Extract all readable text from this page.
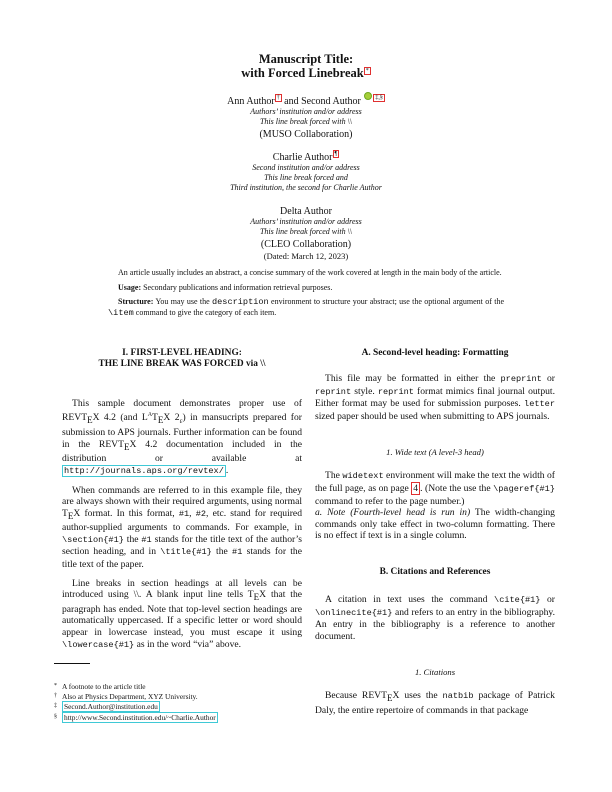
Manuscript Title:
with Forced Linebreak *
Ann Author † and Second Author ‡,§
Authors’ institution and/or address
This line break forced with \\
(MUSO Collaboration)
Charlie Author ¶
Second institution and/or address
This line break forced and
Third institution, the second for Charlie Author
Delta Author
Authors’ institution and/or address
This line break forced with \\
(CLEO Collaboration)
(Dated: March 12, 2023)

An article usually includes an abstract, a concise summary of the work covered at length in the main body of the article.

Usage: Secondary publications and information retrieval purposes.

Structure: You may use the description environment to structure your abstract; use the optional argument of the \item command to give the category of each item.

I. FIRST-LEVEL HEADING:
THE LINE BREAK WAS FORCED via \\

This sample document demonstrates proper use of $REVT_EX$ 4.2 (and $L^AT_EX$ $2_\varepsilon$) in mansucripts prepared for submission to APS journals. Further information can be found in the $REVT_EX$ 4.2 documentation included in the distribution or available at http://journals.aps.org/revtex/ .

When commands are referred to in this example file, they are always shown with their required arguments, using normal $T_EX$ format. In this format, #1, #2, etc. stand for required author-supplied arguments to commands. For example, in \section{#1} the #1 stands for the title text of the author’s section heading, and in \title{#1} the #1 stands for the title text of the paper.

Line breaks in section headings at all levels can be introduced using \\. A blank input line tells $T_EX$ that the paragraph has ended. Note that top-level section headings are automatically uppercased. If a specific letter or word should appear in lowercase instead, you must escape it using \lowercase{#1} as in the word “via” above.

* A footnote to the article title
† Also at Physics Department, XYZ University.
‡ Second.Author@institution.edu
§ http://www.Second.institution.edu/~Charlie.Author
A. Second-level heading: Formatting

This file may be formatted in either the preprint or reprint style. reprint format mimics final journal output. Either format may be used for submission purposes. letter sized paper should be used when submitting to APS journals.

1. Wide text (A level-3 head)

The widetext environment will make the text the width of the full page, as on page 4 . (Note the use the \pageref{#1} command to refer to the page number.)

a. Note (Fourth-level head is run in) The width-changing commands only take effect in two-column formatting. There is no effect if text is in a single column.

B. Citations and References

A citation in text uses the command \cite{#1} or \onlinecite{#1} and refers to an entry in the bibliography. An entry in the bibliography is a reference to another document.

1. Citations

Because $REVT_EX$ uses the natbib package of Patrick Daly, the entire repertoire of commands in that package
